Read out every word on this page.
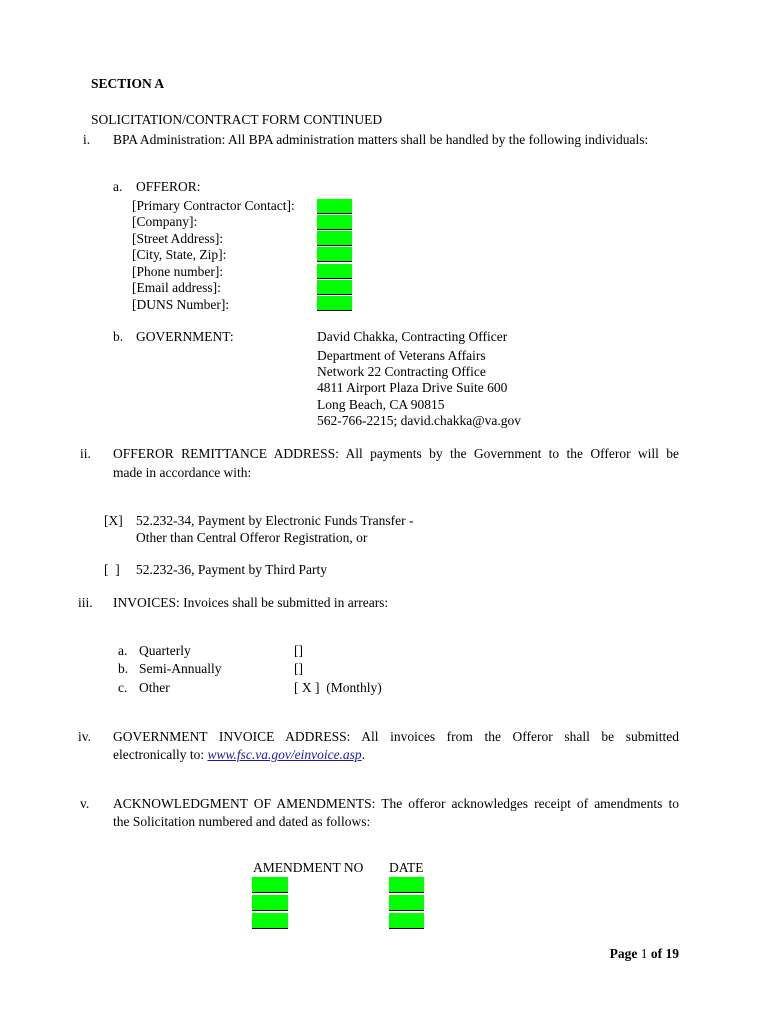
SECTION A
SOLICITATION/CONTRACT FORM CONTINUED
i. BPA Administration: All BPA administration matters shall be handled by the following individuals:
a. OFFEROR:
[Primary Contractor Contact]:
[Company]:
[Street Address]:
[City, State, Zip]:
[Phone number]:
[Email address]:
[DUNS Number]:
b. GOVERNMENT:	David Chakka, Contracting Officer
Department of Veterans Affairs
Network 22 Contracting Office
4811 Airport Plaza Drive Suite 600
Long Beach, CA 90815
562-766-2215; david.chakka@va.gov
ii. OFFEROR REMITTANCE ADDRESS: All payments by the Government to the Offeror will be
made in accordance with:
[X] 52.232-34, Payment by Electronic Funds Transfer -
Other than Central Offeror Registration, or
[  ] 52.232-36, Payment by Third Party
iii. INVOICES: Invoices shall be submitted in arrears:
a. Quarterly	[]
b. Semi-Annually	[]
c. Other	[ X ]  (Monthly)
iv. GOVERNMENT INVOICE ADDRESS: All invoices from the Offeror shall be submitted
electronically to: www.fsc.va.gov/einvoice.asp.
v. ACKNOWLEDGMENT OF AMENDMENTS: The offeror acknowledges receipt of amendments to
the Solicitation numbered and dated as follows:
AMENDMENT NO DATE
Page 1 of 19
